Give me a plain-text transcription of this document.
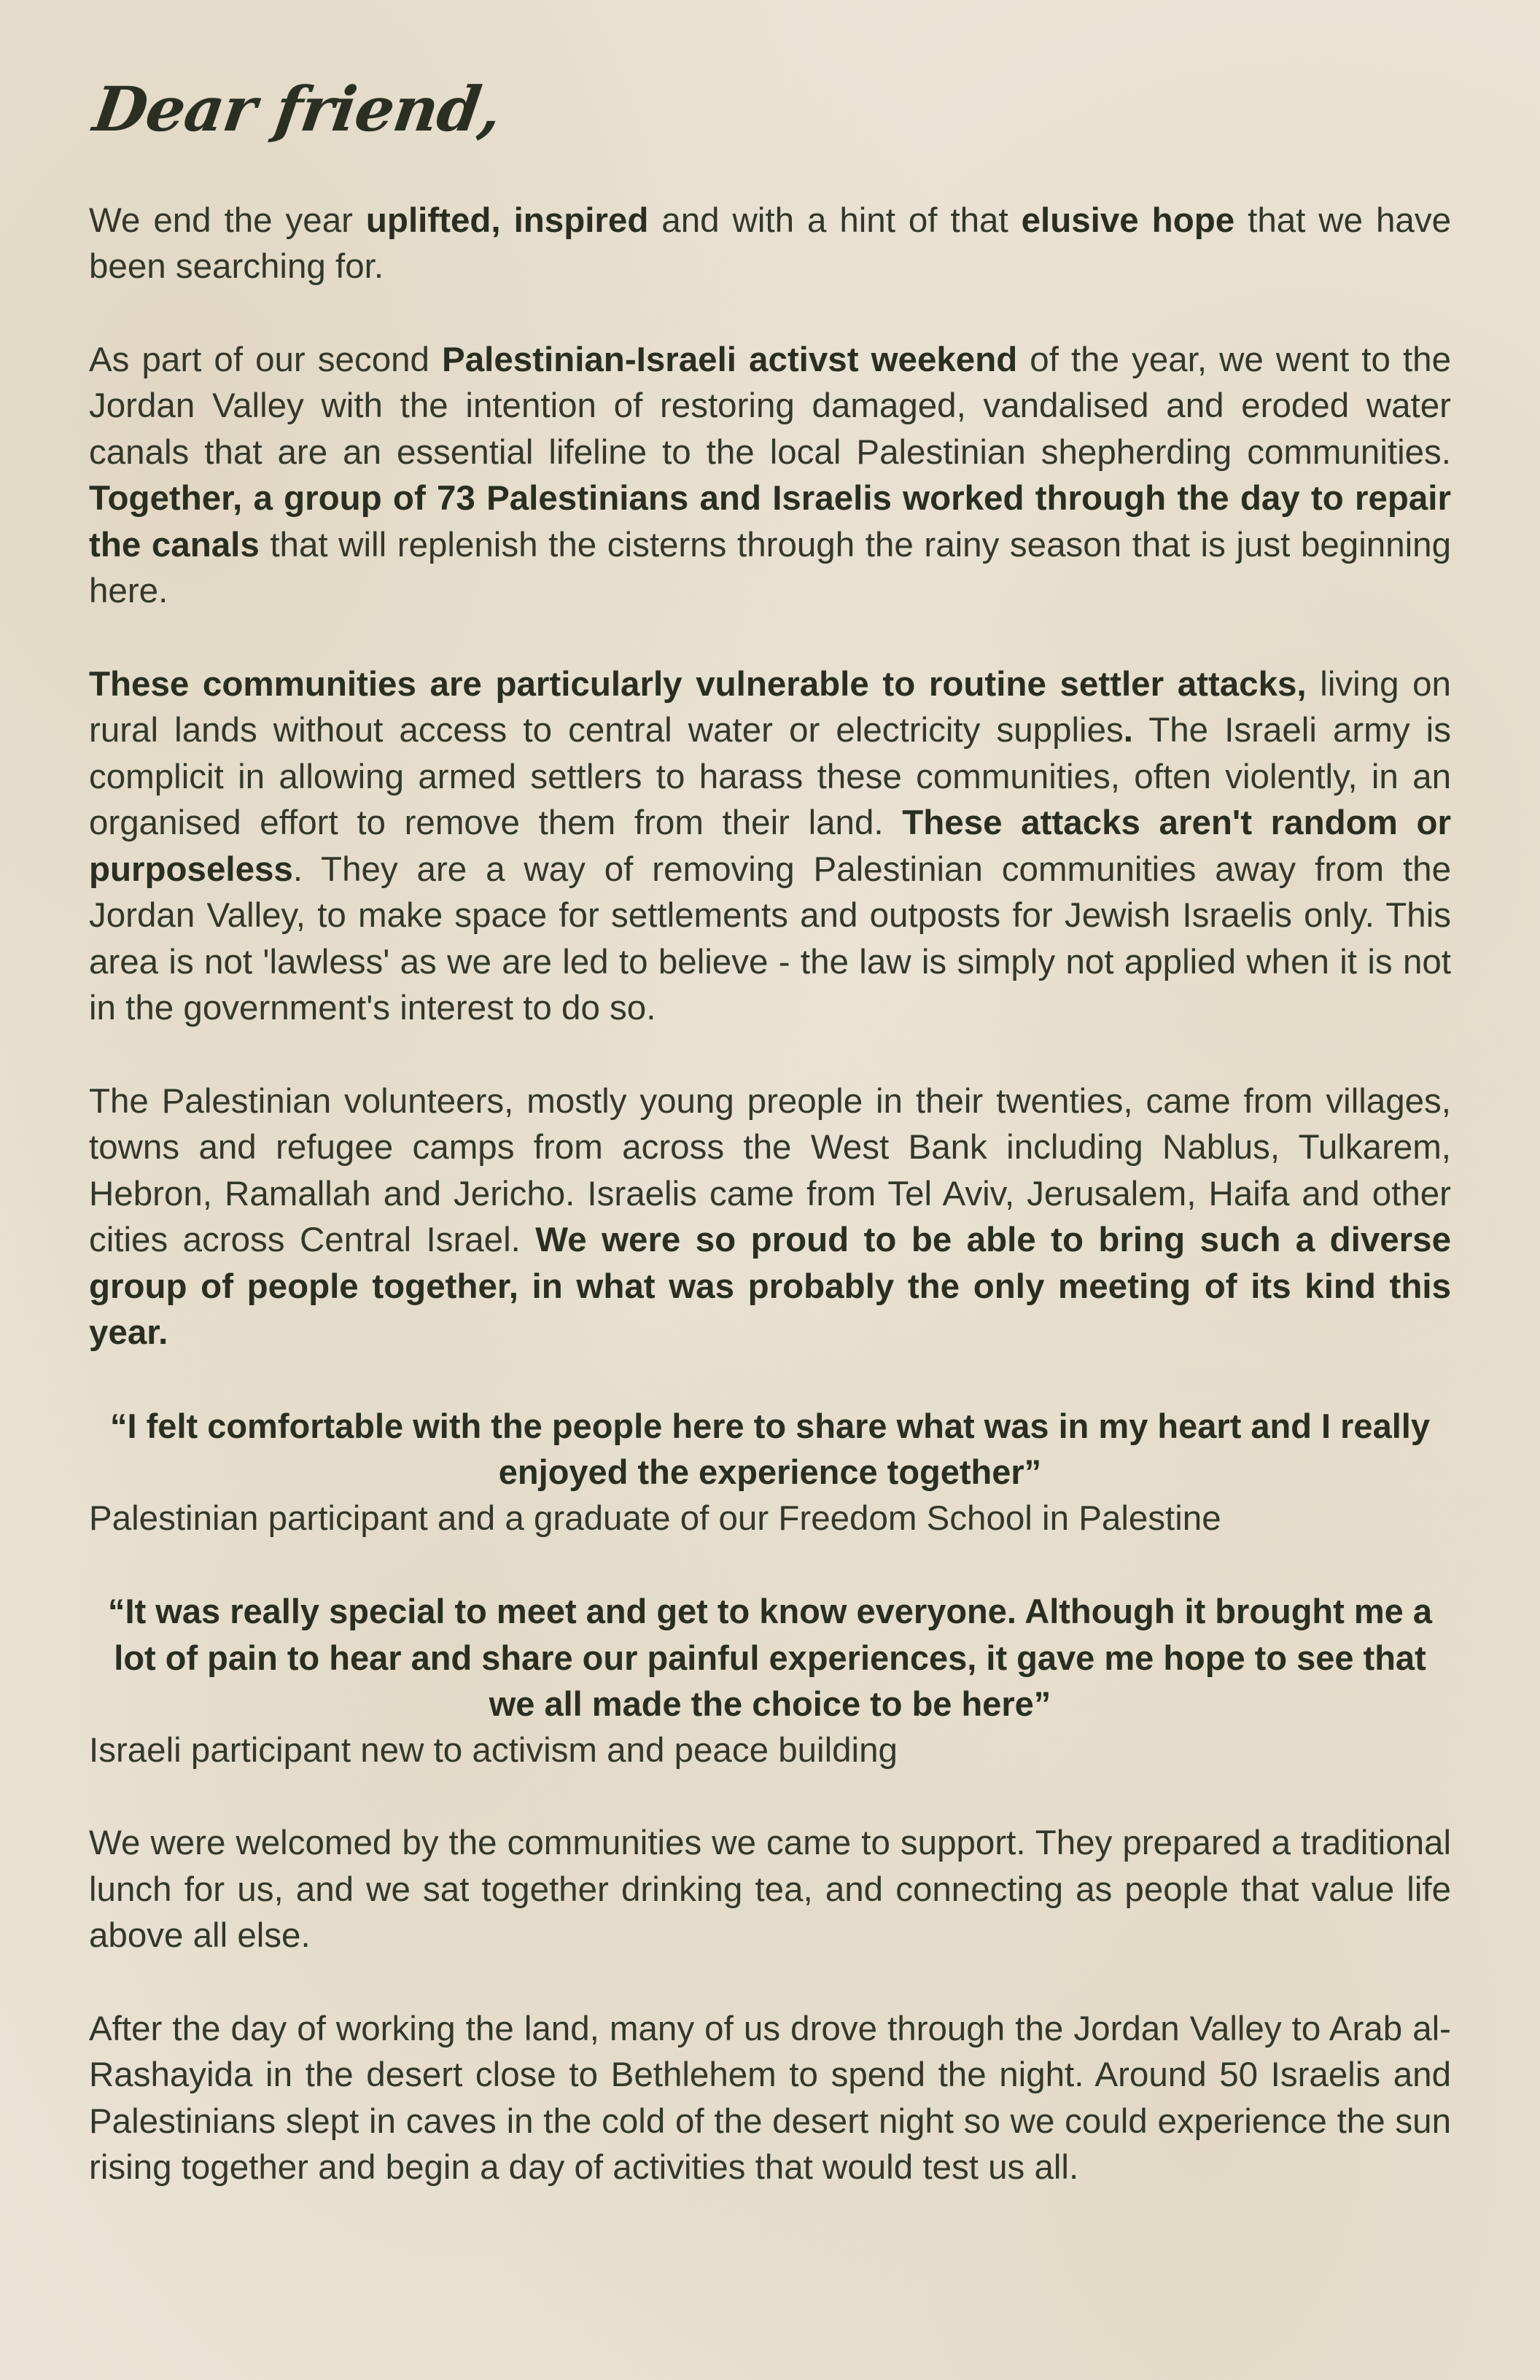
Dear friend,

We end the year uplifted, inspired and with a hint of that elusive hope that we have been searching for.

As part of our second Palestinian-Israeli activst weekend of the year, we went to the Jordan Valley with the intention of restoring damaged, vandalised and eroded water canals that are an essential lifeline to the local Palestinian shepherding communities. Together, a group of 73 Palestinians and Israelis worked through the day to repair the canals that will replenish the cisterns through the rainy season that is just beginning here.

These communities are particularly vulnerable to routine settler attacks, living on rural lands without access to central water or electricity supplies. The Israeli army is complicit in allowing armed settlers to harass these communities, often violently, in an organised effort to remove them from their land. These attacks aren't random or purposeless. They are a way of removing Palestinian communities away from the Jordan Valley, to make space for settlements and outposts for Jewish Israelis only. This area is not 'lawless' as we are led to believe - the law is simply not applied when it is not in the government's interest to do so.

The Palestinian volunteers, mostly young preople in their twenties, came from villages, towns and refugee camps from across the West Bank including Nablus, Tulkarem, Hebron, Ramallah and Jericho. Israelis came from Tel Aviv, Jerusalem, Haifa and other cities across Central Israel. We were so proud to be able to bring such a diverse group of people together, in what was probably the only meeting of its kind this year.

“I felt comfortable with the people here to share what was in my heart and I really enjoyed the experience together”
Palestinian participant and a graduate of our Freedom School in Palestine
“It was really special to meet and get to know everyone. Although it brought me a lot of pain to hear and share our painful experiences, it gave me hope to see that we all made the choice to be here”
Israeli participant new to activism and peace building

We were welcomed by the communities we came to support. They prepared a traditional lunch for us, and we sat together drinking tea, and connecting as people that value life above all else.

After the day of working the land, many of us drove through the Jordan Valley to Arab al-Rashayida in the desert close to Bethlehem to spend the night. Around 50 Israelis and Palestinians slept in caves in the cold of the desert night so we could experience the sun rising together and begin a day of activities that would test us all.
